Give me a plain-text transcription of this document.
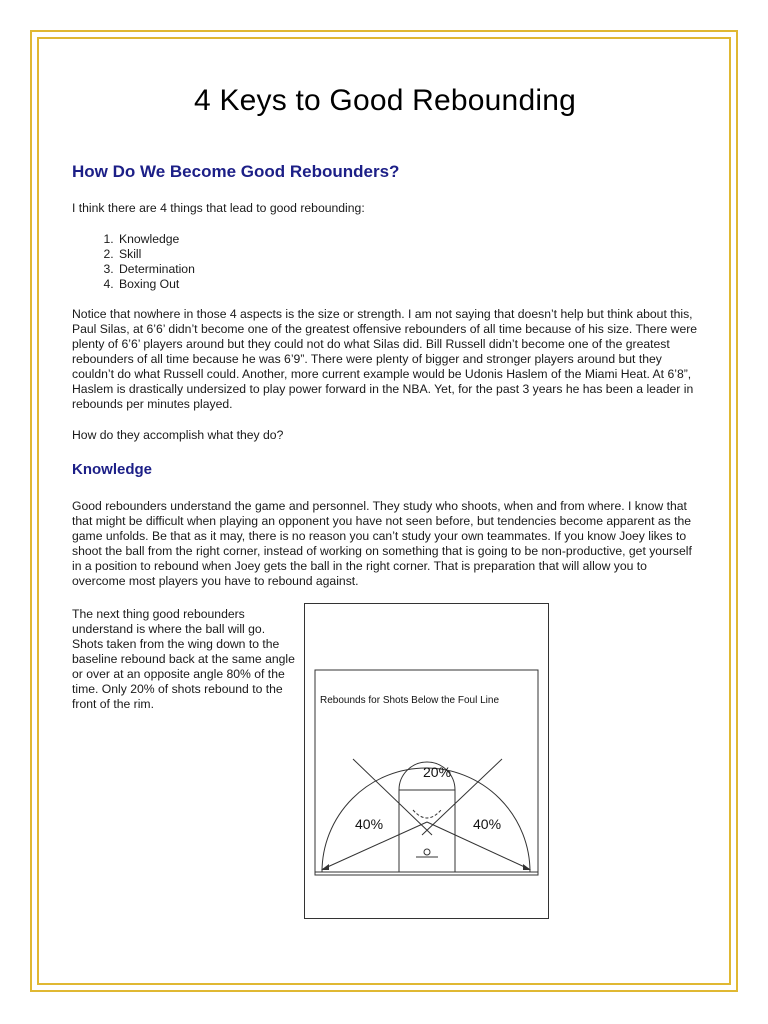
4 Keys to Good Rebounding
How Do We Become Good Rebounders?

I think there are 4 things that lead to good rebounding:

1. Knowledge
2. Skill
3. Determination
4. Boxing Out

Notice that nowhere in those 4 aspects is the size or strength. I am not saying that doesn’t help but think about this, Paul Silas, at 6’6’ didn’t become one of the greatest offensive rebounders of all time because of his size. There were plenty of 6’6’ players around but they could not do what Silas did. Bill Russell didn’t become one of the greatest rebounders of all time because he was 6’9”. There were plenty of bigger and stronger players around but they couldn’t do what Russell could. Another, more current example would be Udonis Haslem of the Miami Heat. At 6’8”, Haslem is drastically undersized to play power forward in the NBA. Yet, for the past 3 years he has been a leader in rebounds per minutes played.

How do they accomplish what they do?

Knowledge

Good rebounders understand the game and personnel. They study who shoots, when and from where. I know that that might be difficult when playing an opponent you have not seen before, but tendencies become apparent as the game unfolds. Be that as it may, there is no reason you can’t study your own teammates. If you know Joey likes to shoot the ball from the right corner, instead of working on something that is going to be non-productive, get yourself in a position to rebound when Joey gets the ball in the right corner. That is preparation that will allow you to overcome most players you have to rebound against.

The next thing good rebounders understand is where the ball will go. Shots taken from the wing down to the baseline rebound back at the same angle or over at an opposite angle 80% of the time. Only 20% of shots rebound to the front of the rim.	Rebounds for Shots Below the Foul Line
40%
20%
40%
